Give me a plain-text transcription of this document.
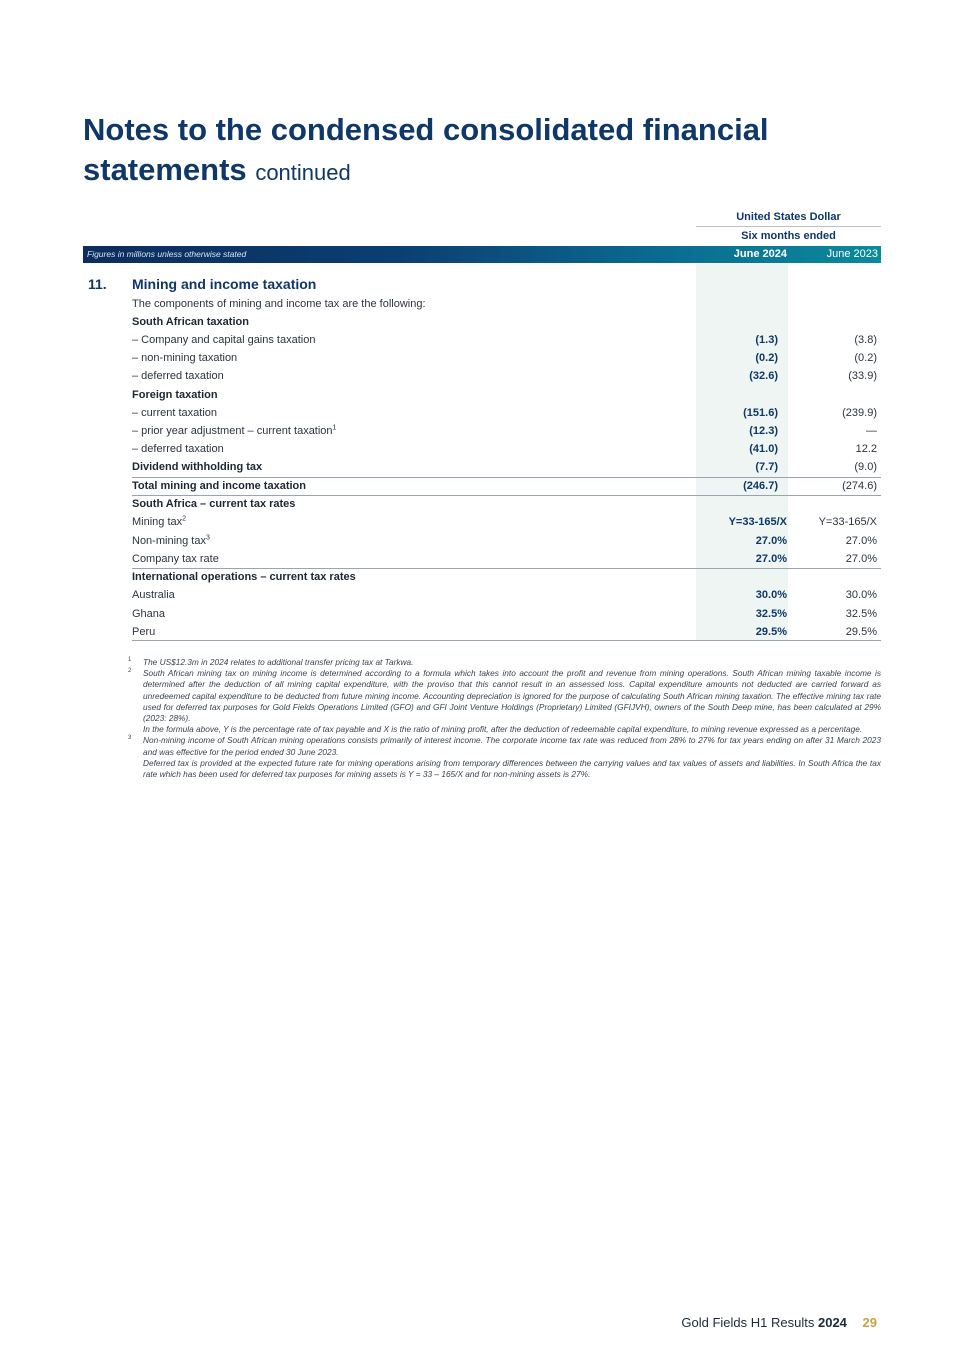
Notes to the condensed consolidated financial statements continued
United States Dollar
Six months ended
Figures in millions unless otherwise stated	June 2024	June 2023
11. Mining and income taxation
The components of mining and income tax are the following:
South African taxation
– Company and capital gains taxation	(1.3)	(3.8)
– non-mining taxation	(0.2)	(0.2)
– deferred taxation	(32.6)	(33.9)
Foreign taxation
– current taxation	(151.6)	(239.9)
– prior year adjustment – current taxation$^1$	(12.3)	—
– deferred taxation	(41.0)	12.2
Dividend withholding tax	(7.7)	(9.0)
Total mining and income taxation	(246.7)	(274.6)
South Africa – current tax rates
Mining tax$^2$	Y=33-165/X	Y=33-165/X
Non-mining tax$^3$	27.0%	27.0%
Company tax rate	27.0%	27.0%
International operations – current tax rates
Australia	30.0%	30.0%
Ghana	32.5%	32.5%
Peru	29.5%	29.5%

1 The US$12.3m in 2024 relates to additional transfer pricing tax at Tarkwa.

2 South African mining tax on mining income is determined according to a formula which takes into account the profit and revenue from mining operations. South African mining taxable income is determined after the deduction of all mining capital expenditure, with the proviso that this cannot result in an assessed loss. Capital expenditure amounts not deducted are carried forward as unredeemed capital expenditure to be deducted from future mining income. Accounting depreciation is ignored for the purpose of calculating South African mining taxation. The effective mining tax rate used for deferred tax purposes for Gold Fields Operations Limited (GFO) and GFI Joint Venture Holdings (Proprietary) Limited (GFIJVH), owners of the South Deep mine, has been calculated at 29% (2023: 28%).

In the formula above, Y is the percentage rate of tax payable and X is the ratio of mining profit, after the deduction of redeemable capital expenditure, to mining revenue expressed as a percentage.

3 Non-mining income of South African mining operations consists primarily of interest income. The corporate income tax rate was reduced from 28% to 27% for tax years ending on after 31 March 2023 and was effective for the period ended 30 June 2023.

Deferred tax is provided at the expected future rate for mining operations arising from temporary differences between the carrying values and tax values of assets and liabilities. In South Africa the tax rate which has been used for deferred tax purposes for mining assets is Y = 33 – 165/X and for non-mining assets is 27%.

Gold Fields H1 Results 2024 29
